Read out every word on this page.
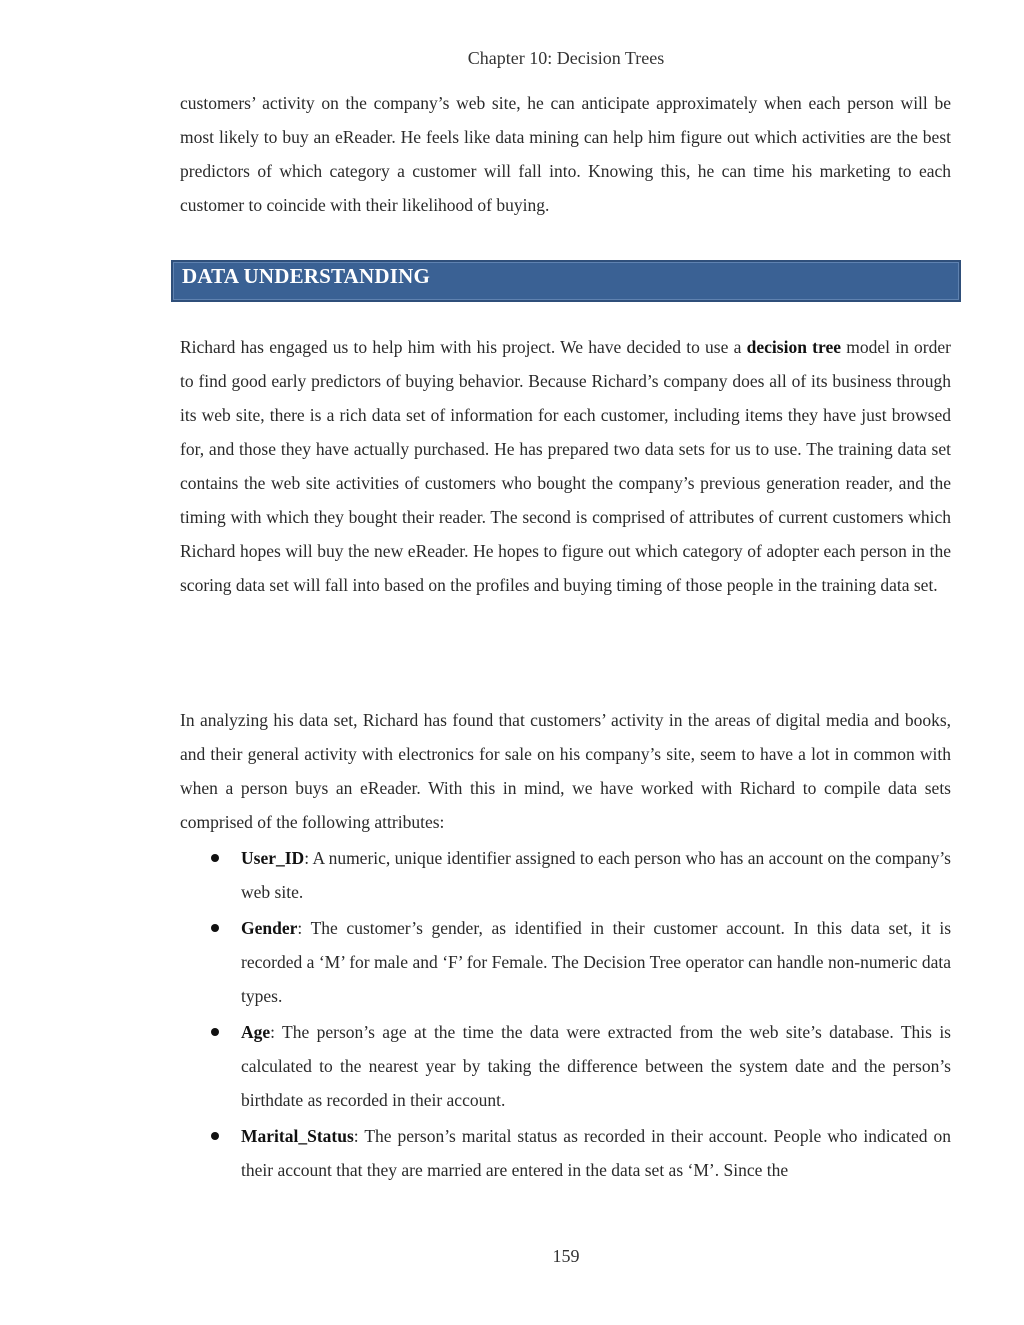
Chapter 10: Decision Trees

customers’ activity on the company’s web site, he can anticipate approximately when each person will be most likely to buy an eReader. He feels like data mining can help him figure out which activities are the best predictors of which category a customer will fall into. Knowing this, he can time his marketing to each customer to coincide with their likelihood of buying.

DATA UNDERSTANDING

Richard has engaged us to help him with his project. We have decided to use a decision tree model in order to find good early predictors of buying behavior. Because Richard’s company does all of its business through its web site, there is a rich data set of information for each customer, including items they have just browsed for, and those they have actually purchased. He has prepared two data sets for us to use. The training data set contains the web site activities of customers who bought the company’s previous generation reader, and the timing with which they bought their reader. The second is comprised of attributes of current customers which Richard hopes will buy the new eReader. He hopes to figure out which category of adopter each person in the scoring data set will fall into based on the profiles and buying timing of those people in the training data set.

In analyzing his data set, Richard has found that customers’ activity in the areas of digital media and books, and their general activity with electronics for sale on his company’s site, seem to have a lot in common with when a person buys an eReader. With this in mind, we have worked with Richard to compile data sets comprised of the following attributes:

User_ID: A numeric, unique identifier assigned to each person who has an account on the company’s web site.
Gender: The customer’s gender, as identified in their customer account. In this data set, it is recorded a ‘M’ for male and ‘F’ for Female. The Decision Tree operator can handle non-numeric data types.
Age: The person’s age at the time the data were extracted from the web site’s database. This is calculated to the nearest year by taking the difference between the system date and the person’s birthdate as recorded in their account.
Marital_Status: The person’s marital status as recorded in their account. People who indicated on their account that they are married are entered in the data set as ‘M’. Since the
159
